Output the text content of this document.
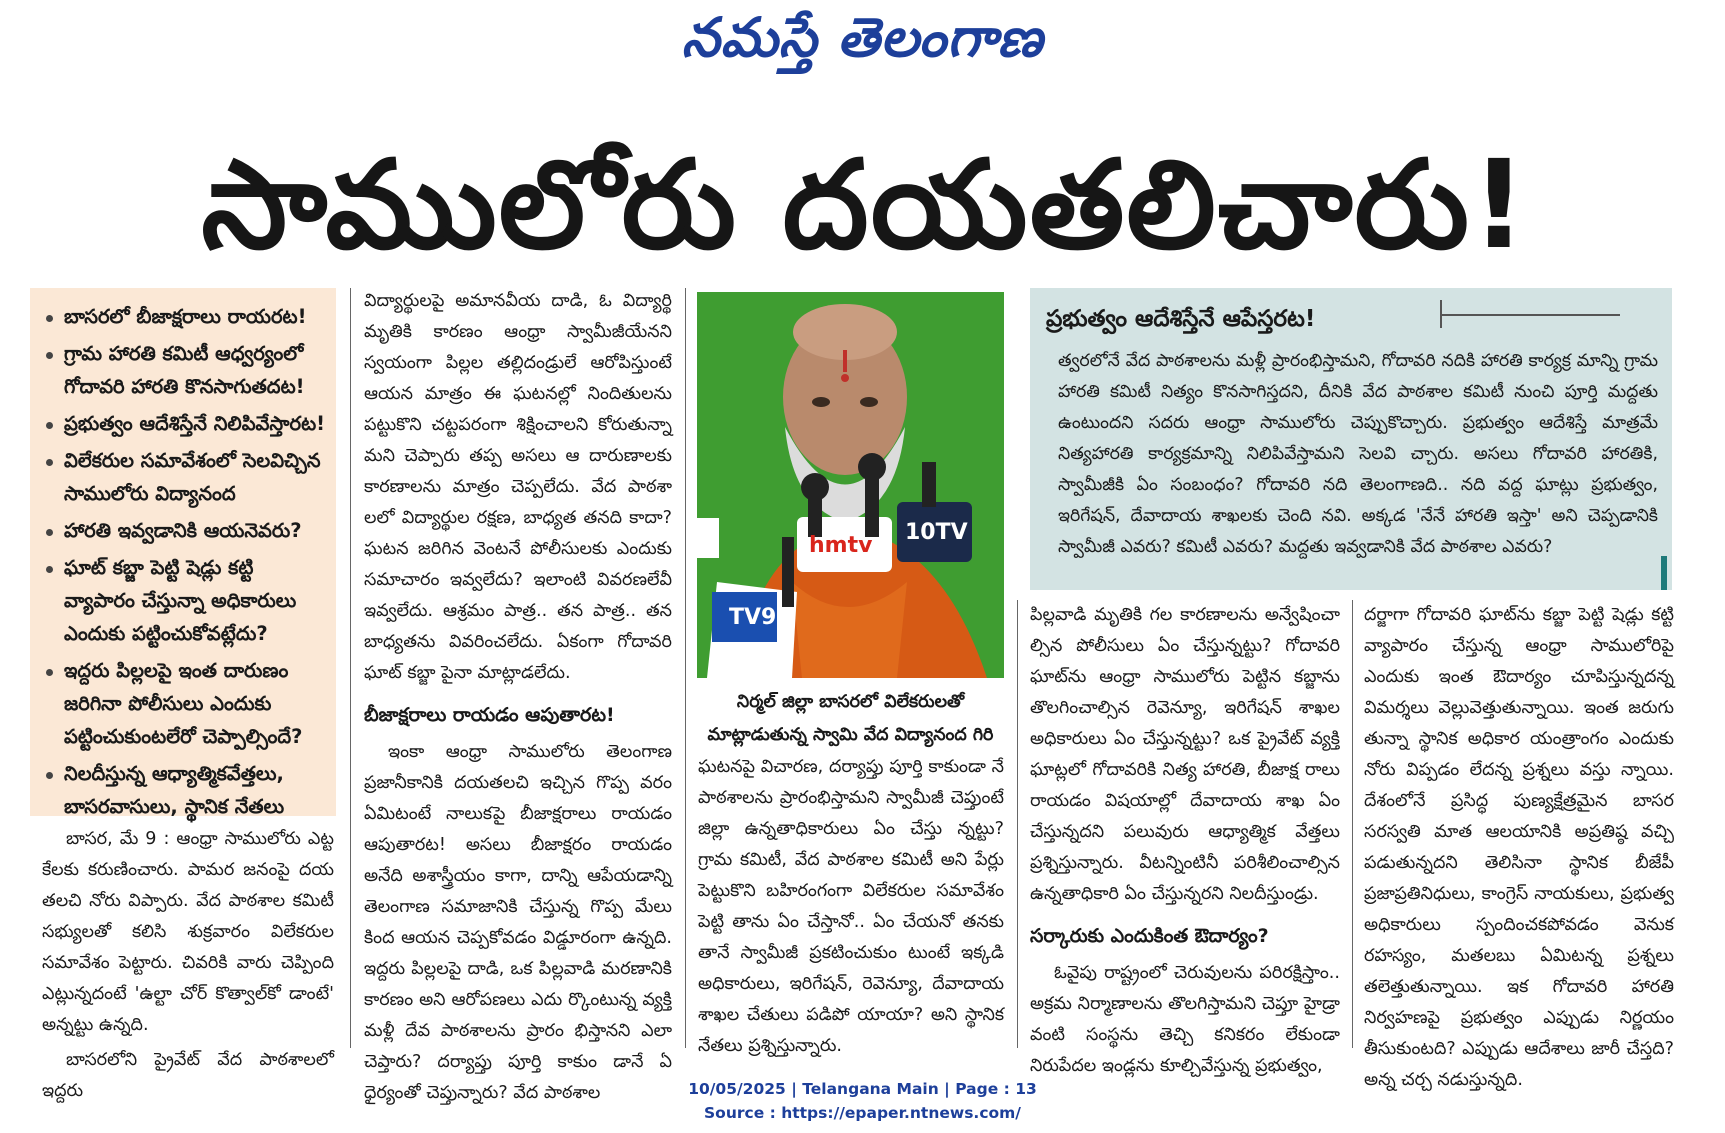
నమస్తే తెలంగాణ
సాములోరు దయతలిచారు!
బాసరలో బీజాక్షరాలు రాయరట!
గ్రామ హారతి కమిటీ ఆధ్వర్యంలో గోదావరి హారతి కొనసాగుతదట!
ప్రభుత్వం ఆదేశిస్తేనే నిలిపివేస్తారట!
విలేకరుల సమావేశంలో సెలవిచ్చిన సాములోరు విద్యానంద
హారతి ఇవ్వడానికి ఆయనెవరు?
ఘాట్ కబ్జా పెట్టి షెడ్లు కట్టి వ్యాపారం చేస్తున్నా అధికారులు ఎందుకు పట్టించుకోవట్లేదు?
ఇద్దరు పిల్లలపై ఇంత దారుణం జరిగినా పోలీసులు ఎందుకు పట్టించుకుంటలేరో చెప్పాల్సిందే?
నిలదీస్తున్న ఆధ్యాత్మికవేత్తలు, బాసరవాసులు, స్థానిక నేతలు

బాసర, మే 9 : ఆంధ్రా సాములోరు ఎట్ట కేలకు కరుణించారు. పామర జనంపై దయ తలచి నోరు విప్పారు. వేద పాఠశాల కమిటీ సభ్యులతో కలిసి శుక్రవారం విలేకరుల సమావేశం పెట్టారు. చివరికి వారు చెప్పింది ఎట్లున్నదంటే 'ఉల్టా చోర్ కొత్వాల్‌కో డాంటే' అన్నట్టు ఉన్నది.

బాసరలోని ప్రైవేట్ వేద పాఠశాలలో ఇద్దరు

విద్యార్థులపై అమానవీయ దాడి, ఓ విద్యార్థి మృతికి కారణం ఆంధ్రా స్వామీజీయేనని స్వయంగా పిల్లల తల్లిదండ్రులే ఆరోపిస్తుంటే ఆయన మాత్రం ఈ ఘటనల్లో నిందితులను పట్టుకొని చట్టపరంగా శిక్షించాలని కోరుతున్నా మని చెప్పారు తప్ప అసలు ఆ దారుణాలకు కారణాలను మాత్రం చెప్పలేదు. వేద పాఠశా లలో విద్యార్థుల రక్షణ, బాధ్యత తనది కాదా? ఘటన జరిగిన వెంటనే పోలీసులకు ఎందుకు సమాచారం ఇవ్వలేదు? ఇలాంటి వివరణలేవీ ఇవ్వలేదు. ఆశ్రమం పాత్ర.. తన పాత్ర.. తన బాధ్యతను వివరించలేదు. ఏకంగా గోదావరి ఘాట్ కబ్జా పైనా మాట్లాడలేదు.

బీజాక్షరాలు రాయడం ఆపుతారట!

ఇంకా ఆంధ్రా సాములోరు తెలంగాణ ప్రజానీకానికి దయతలచి ఇచ్చిన గొప్ప వరం ఏమిటంటే నాలుకపై బీజాక్షరాలు రాయడం ఆపుతారట! అసలు బీజాక్షరం రాయడం అనేది అశాస్త్రీయం కాగా, దాన్ని ఆపేయడాన్ని తెలంగాణ సమాజానికి చేస్తున్న గొప్ప మేలు కింద ఆయన చెప్పకోవడం విడ్డూరంగా ఉన్నది. ఇద్దరు పిల్లలపై దాడి, ఒక పిల్లవాడి మరణానికి కారణం అని ఆరోపణలు ఎదు ర్కొంటున్న వ్యక్తి మళ్లీ దేవ పాఠశాలను ప్రారం భిస్తానని ఎలా చెప్తారు? దర్యాప్తు పూర్తి కాకుం డానే ఏ ధైర్యంతో చెప్తున్నారు? వేద పాఠశాల

TV9
hmtv
10TV
నిర్మల్ జిల్లా బాసరలో విలేకరులతో మాట్లాడుతున్న స్వామి వేద విద్యానంద గిరి

ఘటనపై విచారణ, దర్యాప్తు పూర్తి కాకుండా నే పాఠశాలను ప్రారంభిస్తామని స్వామీజీ చెప్తుంటే జిల్లా ఉన్నతాధికారులు ఏం చేస్తు న్నట్టు? గ్రామ కమిటీ, వేద పాఠశాల కమిటీ అని పేర్లు పెట్టుకొని బహిరంగంగా విలేకరుల సమావేశం పెట్టి తాను ఏం చేస్తానో.. ఏం చేయనో తనకు తానే స్వామీజీ ప్రకటించుకుం టుంటే ఇక్కడి అధికారులు, ఇరిగేషన్, రెవెన్యూ, దేవాదాయ శాఖల చేతులు పడిపో యాయా? అని స్థానిక నేతలు ప్రశ్నిస్తున్నారు.

ప్రభుత్వం ఆదేశిస్తేనే ఆపేస్తరట!
త్వరలోనే వేద పాఠశాలను మళ్లీ ప్రారంభిస్తామని, గోదావరి నదికి హారతి కార్యక్ర మాన్ని గ్రామ హారతి కమిటీ నిత్యం కొనసాగిస్తదని, దీనికి వేద పాఠశాల కమిటీ నుంచి పూర్తి మద్దతు ఉంటుందని సదరు ఆంధ్రా సాములోరు చెప్పుకొచ్చారు. ప్రభుత్వం ఆదేశిస్తే మాత్రమే నిత్యహారతి కార్యక్రమాన్ని నిలిపివేస్తామని సెలవి చ్చారు. అసలు గోదావరి హారతికి, స్వామీజీకి ఏం సంబంధం? గోదావరి నది తెలంగాణది.. నది వద్ద ఘాట్లు ప్రభుత్వం, ఇరిగేషన్, దేవాదాయ శాఖలకు చెంది నవి. అక్కడ 'నేనే హారతి ఇస్తా' అని చెప్పడానికి స్వామీజీ ఎవరు? కమిటీ ఎవరు? మద్దతు ఇవ్వడానికి వేద పాఠశాల ఎవరు?

పిల్లవాడి మృతికి గల కారణాలను అన్వేషించా ల్సిన పోలీసులు ఏం చేస్తున్నట్టు? గోదావరి ఘాట్‌ను ఆంధ్రా సాములోరు పెట్టిన కబ్జాను తొలగించాల్సిన రెవెన్యూ, ఇరిగేషన్ శాఖల అధికారులు ఏం చేస్తున్నట్టు? ఒక ప్రైవేట్ వ్యక్తి ఘాట్లలో గోదావరికి నిత్య హారతి, బీజాక్ష రాలు రాయడం విషయాల్లో దేవాదాయ శాఖ ఏం చేస్తున్నదని పలువురు ఆధ్యాత్మిక వేత్తలు ప్రశ్నిస్తున్నారు. వీటన్నింటినీ పరిశీలించాల్సిన ఉన్నతాధికారి ఏం చేస్తున్నరని నిలదీస్తుండ్రు.

సర్కారుకు ఎందుకింత ఔదార్యం?

ఓవైపు రాష్ట్రంలో చెరువులను పరిరక్షిస్తాం.. అక్రమ నిర్మాణాలను తొలగిస్తామని చెప్తూ హైడ్రా వంటి సంస్థను తెచ్చి కనికరం లేకుండా నిరుపేదల ఇండ్లను కూల్చివేస్తున్న ప్రభుత్వం,

దర్జాగా గోదావరి ఘాట్‌ను కబ్జా పెట్టి షెడ్లు కట్టి వ్యాపారం చేస్తున్న ఆంధ్రా సాములోరిపై ఎందుకు ఇంత ఔదార్యం చూపిస్తున్నదన్న విమర్శలు వెల్లువెత్తుతున్నాయి. ఇంత జరుగు తున్నా స్థానిక అధికార యంత్రాంగం ఎందుకు నోరు విప్పడం లేదన్న ప్రశ్నలు వస్తు న్నాయి. దేశంలోనే ప్రసిద్ధ పుణ్యక్షేత్రమైన బాసర సరస్వతి మాత ఆలయానికి అప్రతిష్ఠ వచ్చి పడుతున్నదని తెలిసినా స్థానిక బీజేపీ ప్రజాప్రతినిధులు, కాంగ్రెస్ నాయకులు, ప్రభుత్వ అధికారులు స్పందించకపోవడం వెనుక రహస్యం, మతలబు ఏమిటన్న ప్రశ్నలు తలెత్తుతున్నాయి. ఇక గోదావరి హారతి నిర్వహణపై ప్రభుత్వం ఎప్పుడు నిర్ణయం తీసుకుంటది? ఎప్పుడు ఆదేశాలు జారీ చేస్తది? అన్న చర్చ నడుస్తున్నది.

10/05/2025 | Telangana Main | Page : 13
Source : https://epaper.ntnews.com/
